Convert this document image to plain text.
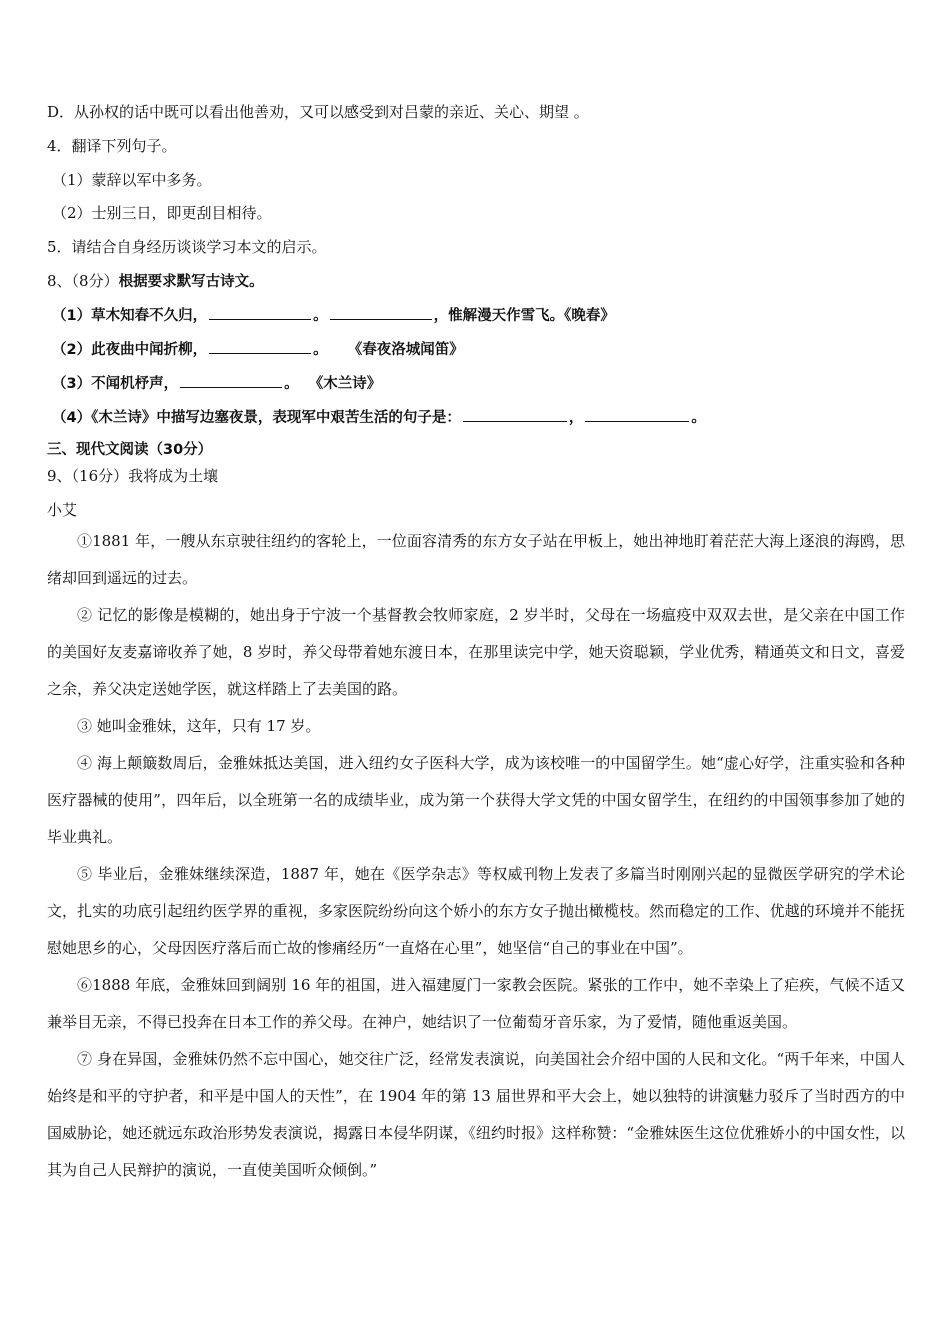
D．从孙权的话中既可以看出他善劝，又可以感受到对吕蒙的亲近、关心、期望 。
4．翻译下列句子。
（1）蒙辞以军中多务。
（2）士别三日，即更刮目相待。
5．请结合自身经历谈谈学习本文的启示。
8、（8分）根据要求默写古诗文。
（1）草木知春不久归，	。	，惟解漫天作雪飞。《晚春》
（2）此夜曲中闻折柳，	。    《春夜洛城闻笛》
（3）不闻机杼声，	。  《木兰诗》
（4）《木兰诗》中描写边塞夜景，表现军中艰苦生活的句子是：	，	。
三、现代文阅读（30分）
9、（16分）我将成为土壤
小艾

①1881 年，一艘从东京驶往纽约的客轮上，一位面容清秀的东方女子站在甲板上，她出神地盯着茫茫大海上逐浪的海鸥，思绪却回到遥远的过去。

② 记忆的影像是模糊的，她出身于宁波一个基督教会牧师家庭，2 岁半时，父母在一场瘟疫中双双去世，是父亲在中国工作的美国好友麦嘉谛收养了她，8 岁时，养父母带着她东渡日本，在那里读完中学，她天资聪颖，学业优秀，精通英文和日文，喜爱之余，养父决定送她学医，就这样踏上了去美国的路。

③ 她叫金雅妹，这年，只有 17 岁。

④ 海上颠簸数周后，金雅妹抵达美国，进入纽约女子医科大学，成为该校唯一的中国留学生。她“虚心好学，注重实验和各种医疗器械的使用”，四年后，以全班第一名的成绩毕业，成为第一个获得大学文凭的中国女留学生，在纽约的中国领事参加了她的毕业典礼。

⑤ 毕业后，金雅妹继续深造，1887 年，她在《医学杂志》等权威刊物上发表了多篇当时刚刚兴起的显微医学研究的学术论文，扎实的功底引起纽约医学界的重视，多家医院纷纷向这个娇小的东方女子抛出橄榄枝。然而稳定的工作、优越的环境并不能抚慰她思乡的心，父母因医疗落后而亡故的惨痛经历“一直烙在心里”，她坚信“自己的事业在中国”。

⑥1888 年底，金雅妹回到阔别 16 年的祖国，进入福建厦门一家教会医院。紧张的工作中，她不幸染上了疟疾，气候不适又兼举目无亲，不得已投奔在日本工作的养父母。在神户，她结识了一位葡萄牙音乐家，为了爱情，随他重返美国。

⑦ 身在异国，金雅妹仍然不忘中国心，她交往广泛，经常发表演说，向美国社会介绍中国的人民和文化。“两千年来，中国人始终是和平的守护者，和平是中国人的天性”，在 1904 年的第 13 届世界和平大会上，她以独特的讲演魅力驳斥了当时西方的中国威胁论，她还就远东政治形势发表演说，揭露日本侵华阴谋，《纽约时报》这样称赞：“金雅妹医生这位优雅娇小的中国女性，以其为自己人民辩护的演说，一直使美国听众倾倒。”
